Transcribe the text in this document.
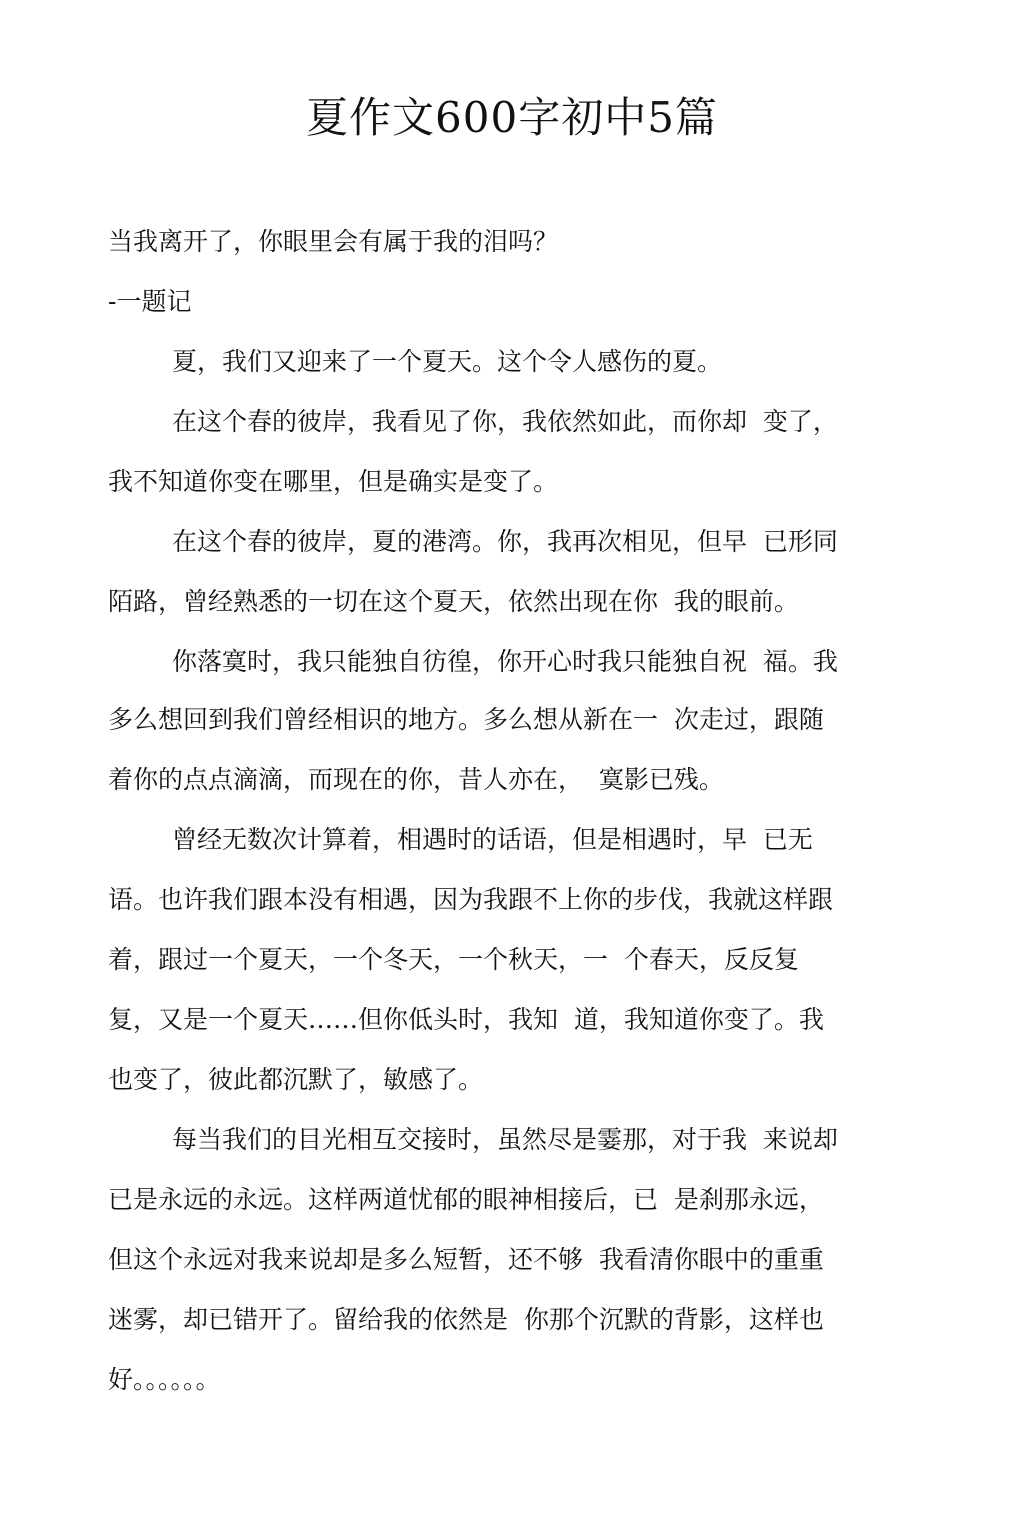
夏作文600字初中5篇

当我离开了，你眼里会有属于我的泪吗？

-一题记

夏，我们又迎来了一个夏天。这个令人感伤的夏。

在这个春的彼岸，我看见了你，我依然如此，而你却  变了，

我不知道你变在哪里，但是确实是变了。

在这个春的彼岸，夏的港湾。你，我再次相见，但早  已形同

陌路，曾经熟悉的一切在这个夏天，依然出现在你  我的眼前。

你落寞时，我只能独自彷徨，你开心时我只能独自祝  福。我

多么想回到我们曾经相识的地方。多么想从新在一  次走过，跟随

着你的点点滴滴，而现在的你，昔人亦在，  寞影已残。

曾经无数次计算着，相遇时的话语，但是相遇时，早  已无

语。也许我们跟本没有相遇，因为我跟不上你的步伐，我就这样跟

着，跟过一个夏天，一个冬天，一个秋天，一  个春天，反反复

复，又是一个夏天……但你低头时，我知  道，我知道你变了。我

也变了，彼此都沉默了，敏感了。

每当我们的目光相互交接时，虽然尽是霎那，对于我  来说却

已是永远的永远。这样两道忧郁的眼神相接后，已  是刹那永远，

但这个永远对我来说却是多么短暂，还不够  我看清你眼中的重重

迷雾，却已错开了。留给我的依然是  你那个沉默的背影，这样也

好。。。。。。
